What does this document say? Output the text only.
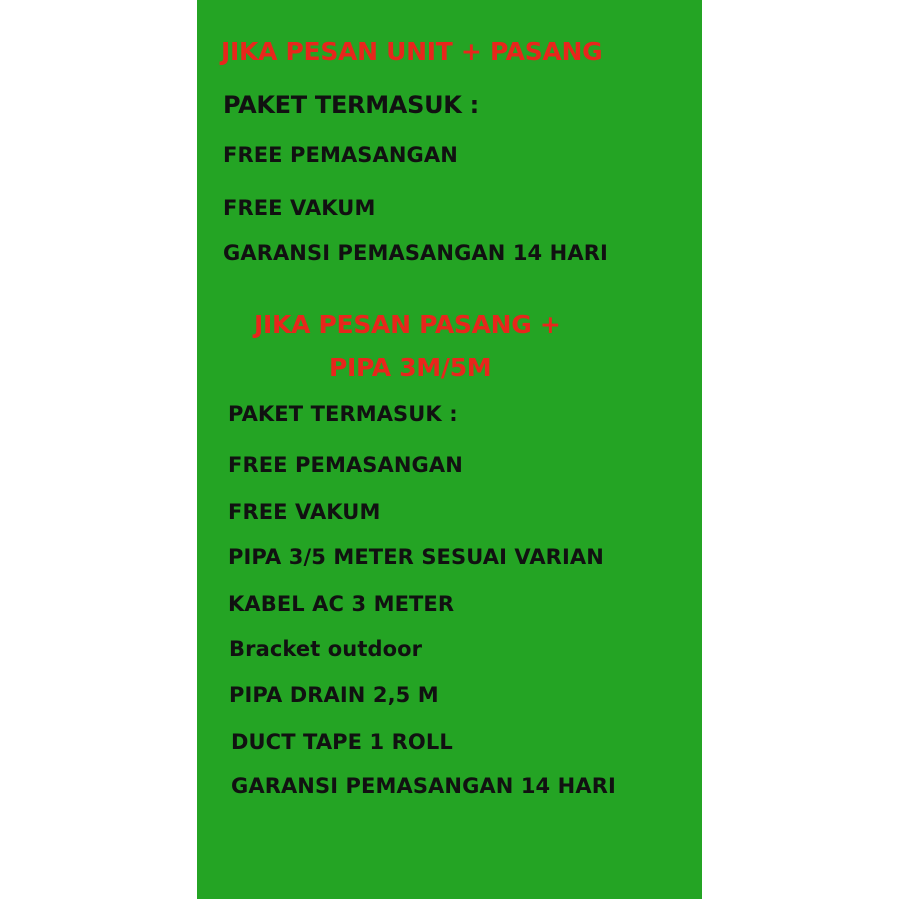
JIKA PESAN UNIT + PASANG

PAKET TERMASUK :

FREE PEMASANGAN

FREE VAKUM

GARANSI PEMASANGAN 14 HARI

JIKA PESAN PASANG +

PIPA 3M/5M

PAKET TERMASUK :

FREE PEMASANGAN

FREE VAKUM

PIPA 3/5 METER SESUAI VARIAN

KABEL AC 3 METER

Bracket outdoor

PIPA DRAIN 2,5 M

DUCT TAPE 1 ROLL

GARANSI PEMASANGAN 14 HARI
